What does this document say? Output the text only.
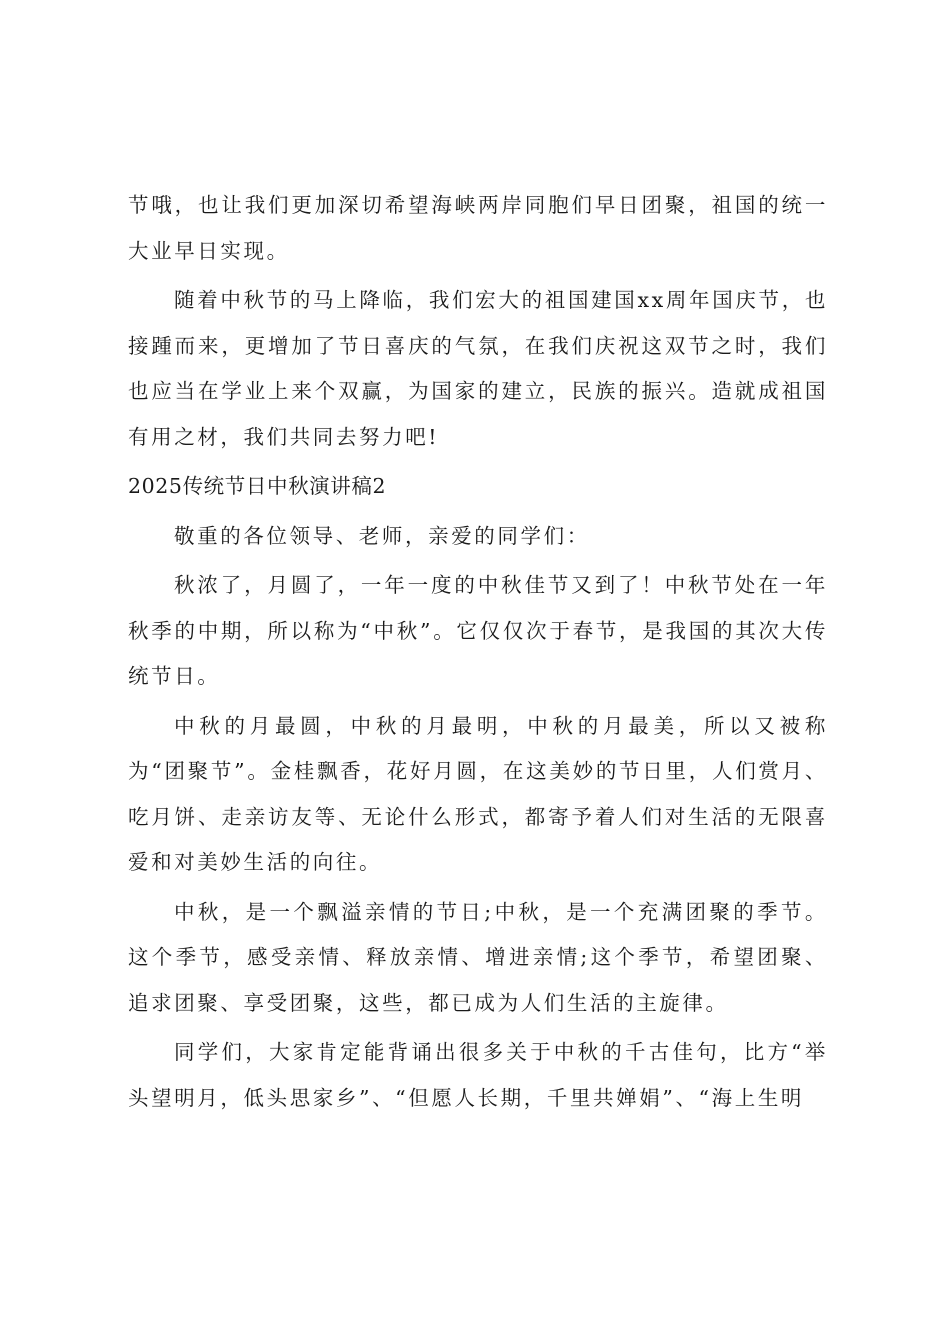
节哦，也让我们更加深切希望海峡两岸同胞们早日团聚，祖国的统一大业早日实现。

随着中秋节的马上降临，我们宏大的祖国建国xx周年国庆节，也接踵而来，更增加了节日喜庆的气氛，在我们庆祝这双节之时，我们也应当在学业上来个双赢，为国家的建立，民族的振兴。造就成祖国有用之材，我们共同去努力吧!

2025传统节日中秋演讲稿2

敬重的各位领导、老师，亲爱的同学们：

秋浓了，月圆了，一年一度的中秋佳节又到了！中秋节处在一年秋季的中期，所以称为“中秋”。它仅仅次于春节，是我国的其次大传统节日。

中秋的月最圆，中秋的月最明，中秋的月最美，所以又被称为“团聚节”。金桂飘香，花好月圆，在这美妙的节日里，人们赏月、吃月饼、走亲访友等、无论什么形式，都寄予着人们对生活的无限喜爱和对美妙生活的向往。

中秋，是一个飘溢亲情的节日;中秋，是一个充满团聚的季节。这个季节，感受亲情、释放亲情、增进亲情;这个季节，希望团聚、追求团聚、享受团聚，这些，都已成为人们生活的主旋律。

同学们，大家肯定能背诵出很多关于中秋的千古佳句，比方“举头望明月，低头思家乡”、“但愿人长期，千里共婵娟”、“海上生明
